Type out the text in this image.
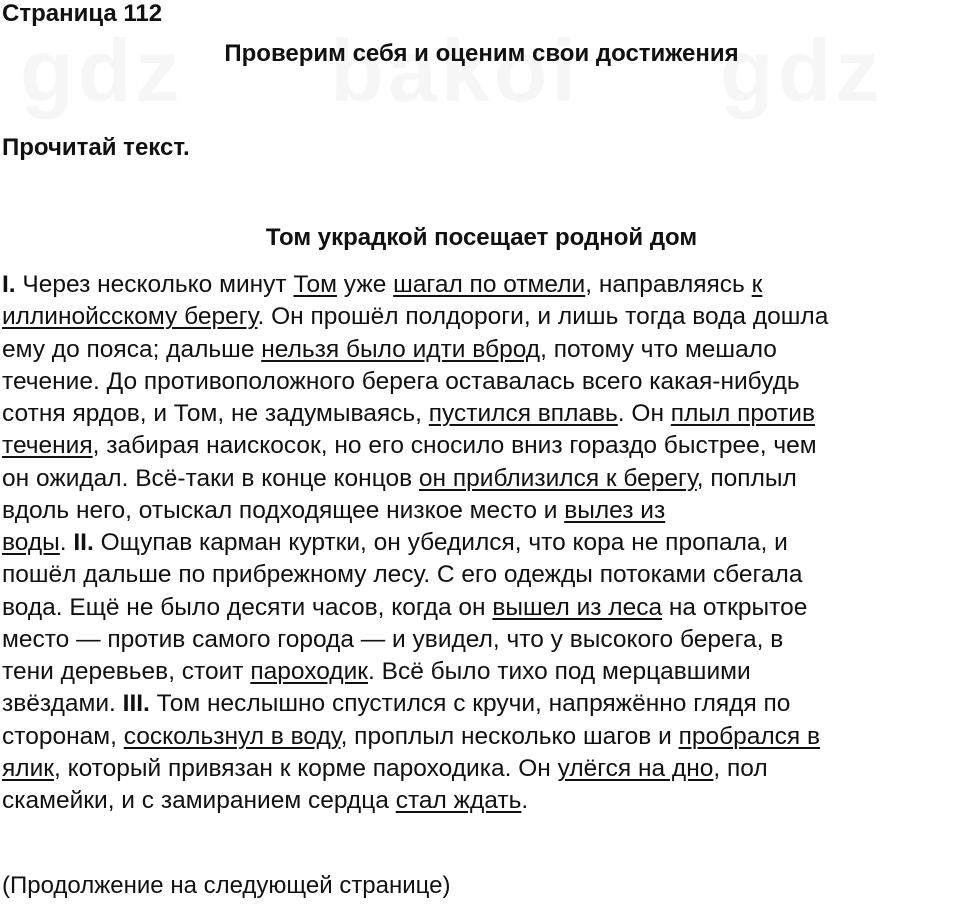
Страница 112
Проверим себя и оценим свои достижения
Прочитай текст.
Том украдкой посещает родной дом
I. Через несколько минут Том уже шагал по отмели, направляясь к
иллинойсскому берегу. Он прошёл полдороги, и лишь тогда вода дошла
ему до пояса; дальше нельзя было идти вброд, потому что мешало
течение. До противоположного берега оставалась всего какая-нибудь
сотня ярдов, и Том, не задумываясь, пустился вплавь. Он плыл против
течения, забирая наискосок, но его сносило вниз гораздо быстрее, чем
он ожидал. Всё-таки в конце концов он приблизился к берегу, поплыл
вдоль него, отыскал подходящее низкое место и вылез из
воды. II. Ощупав карман куртки, он убедился, что кора не пропала, и
пошёл дальше по прибрежному лесу. С его одежды потоками сбегала
вода. Ещё не было десяти часов, когда он вышел из леса на открытое
место — против самого города — и увидел, что у высокого берега, в
тени деревьев, стоит пароходик. Всё было тихо под мерцавшими
звёздами. III. Том неслышно спустился с кручи, напряжённо глядя по
сторонам, соскользнул в воду, проплыл несколько шагов и пробрался в
ялик, который привязан к корме пароходика. Он улёгся на дно, пол
скамейки, и с замиранием сердца стал ждать.
(Продолжение на следующей странице)
